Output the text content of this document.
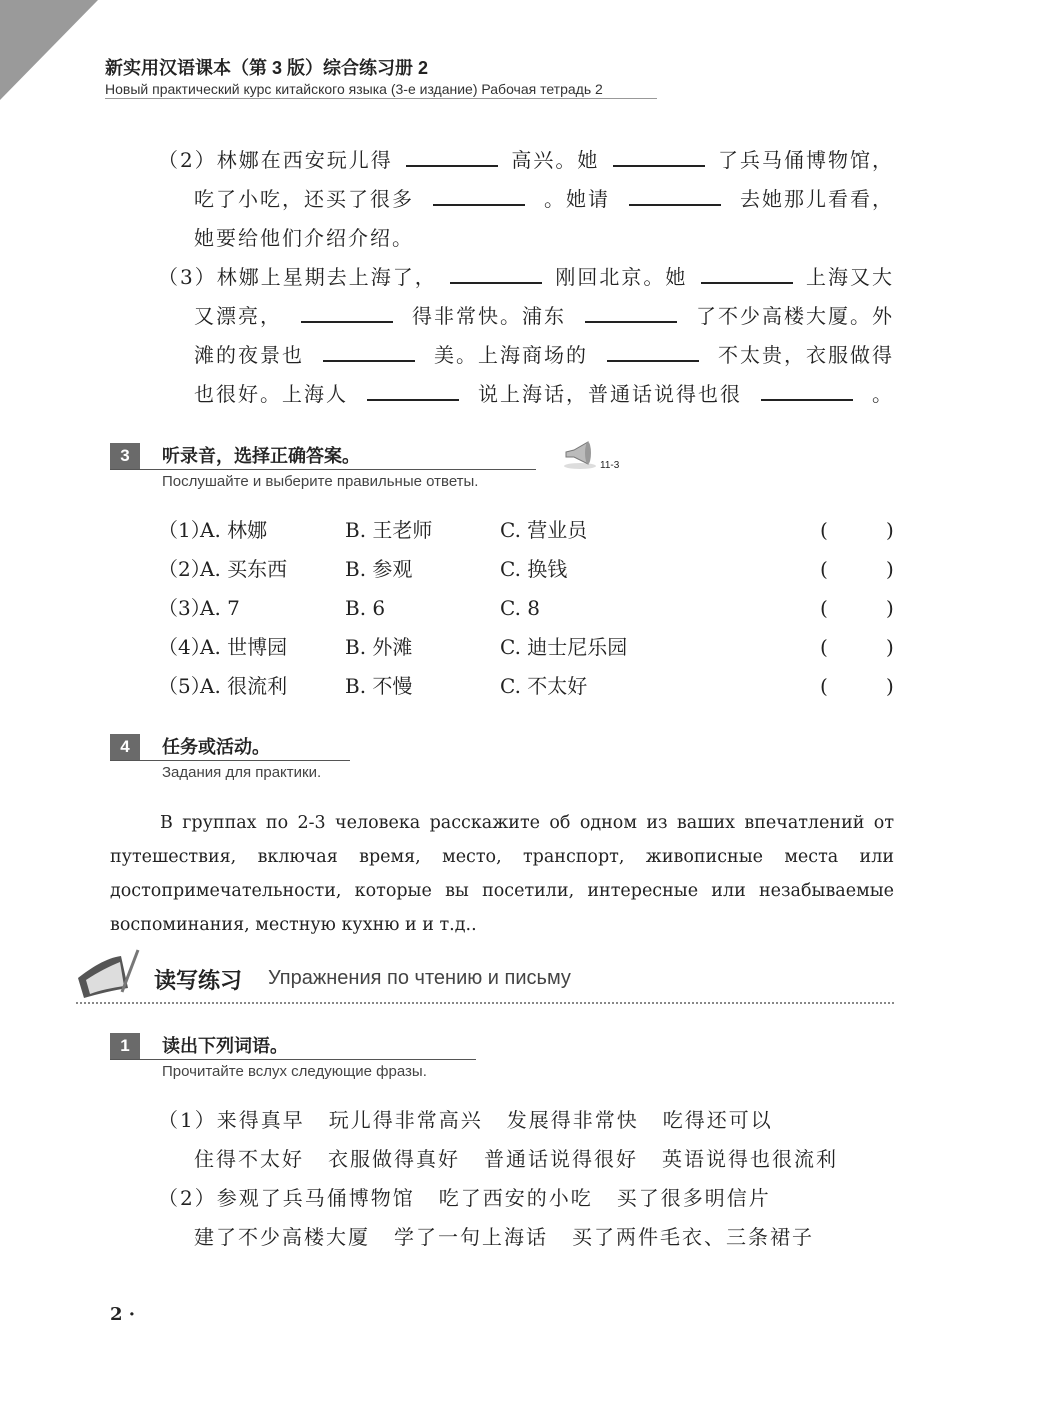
新实用汉语课本（第 3 版）综合练习册 2
Новый практический курс китайского языка (3-е издание) Рабочая тетрадь 2
（2）林娜在西安玩儿得	高兴。她	了兵马俑博物馆，
吃了小吃，还买了很多	。她请	去她那儿看看，
她要给他们介绍介绍。
（3）林娜上星期去上海了，	刚回北京。她	上海又大
又漂亮，	得非常快。浦东	了不少高楼大厦。外
滩的夜景也	美。上海商场的	不太贵，衣服做得
也很好。上海人	说上海话，普通话说得也很	。
听录音，选择正确答案。
3
Послушайте и выберите правильные ответы.
11-3
（1）
A. 林娜	B. 王老师	C. 营业员	(	)
（2）
A. 买东西	B. 参观	C. 换钱	(	)
（3）
A. 7	B. 6	C. 8	(	)
（4）
A. 世博园	B. 外滩	C. 迪士尼乐园	(	)
（5）
A. 很流利	B. 不慢	C. 不太好	(	)
任务或活动。
4
Задания для практики.
В группах по 2-3 человека расскажите об одном из ваших впечатлений от путешествия, включая время, место, транспорт, живописные места или достопримечательности, которые вы посетили, интересные или незабываемые воспоминания, местную кухню и и т.д..
读写练习 Упражнения по чтению и письму
读出下列词语。
1
Прочитайте вслух следующие фразы.
（1）来得真早 玩儿得非常高兴 发展得非常快 吃得还可以
住得不太好 衣服做得真好 普通话说得很好 英语说得也很流利
（2）参观了兵马俑博物馆 吃了西安的小吃 买了很多明信片
建了不少高楼大厦 学了一句上海话 买了两件毛衣、三条裙子
2 ·
